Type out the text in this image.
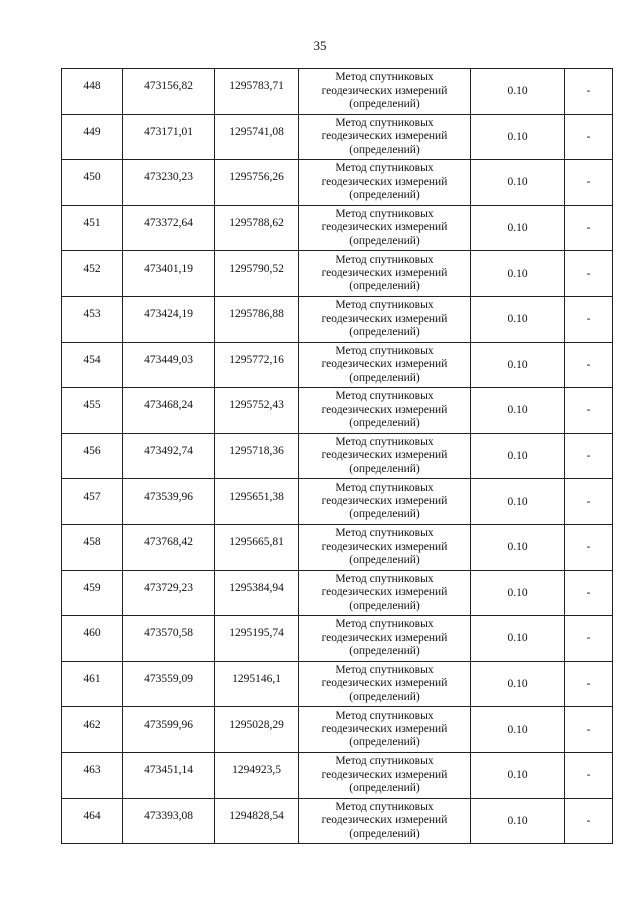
35
448	473156,82	1295783,71	Метод спутниковых
геодезических измерений
(определений)	0.10	-
449	473171,01	1295741,08	Метод спутниковых
геодезических измерений
(определений)	0.10	-
450	473230,23	1295756,26	Метод спутниковых
геодезических измерений
(определений)	0.10	-
451	473372,64	1295788,62	Метод спутниковых
геодезических измерений
(определений)	0.10	-
452	473401,19	1295790,52	Метод спутниковых
геодезических измерений
(определений)	0.10	-
453	473424,19	1295786,88	Метод спутниковых
геодезических измерений
(определений)	0.10	-
454	473449,03	1295772,16	Метод спутниковых
геодезических измерений
(определений)	0.10	-
455	473468,24	1295752,43	Метод спутниковых
геодезических измерений
(определений)	0.10	-
456	473492,74	1295718,36	Метод спутниковых
геодезических измерений
(определений)	0.10	-
457	473539,96	1295651,38	Метод спутниковых
геодезических измерений
(определений)	0.10	-
458	473768,42	1295665,81	Метод спутниковых
геодезических измерений
(определений)	0.10	-
459	473729,23	1295384,94	Метод спутниковых
геодезических измерений
(определений)	0.10	-
460	473570,58	1295195,74	Метод спутниковых
геодезических измерений
(определений)	0.10	-
461	473559,09	1295146,1	Метод спутниковых
геодезических измерений
(определений)	0.10	-
462	473599,96	1295028,29	Метод спутниковых
геодезических измерений
(определений)	0.10	-
463	473451,14	1294923,5	Метод спутниковых
геодезических измерений
(определений)	0.10	-
464	473393,08	1294828,54	Метод спутниковых
геодезических измерений
(определений)	0.10	-
